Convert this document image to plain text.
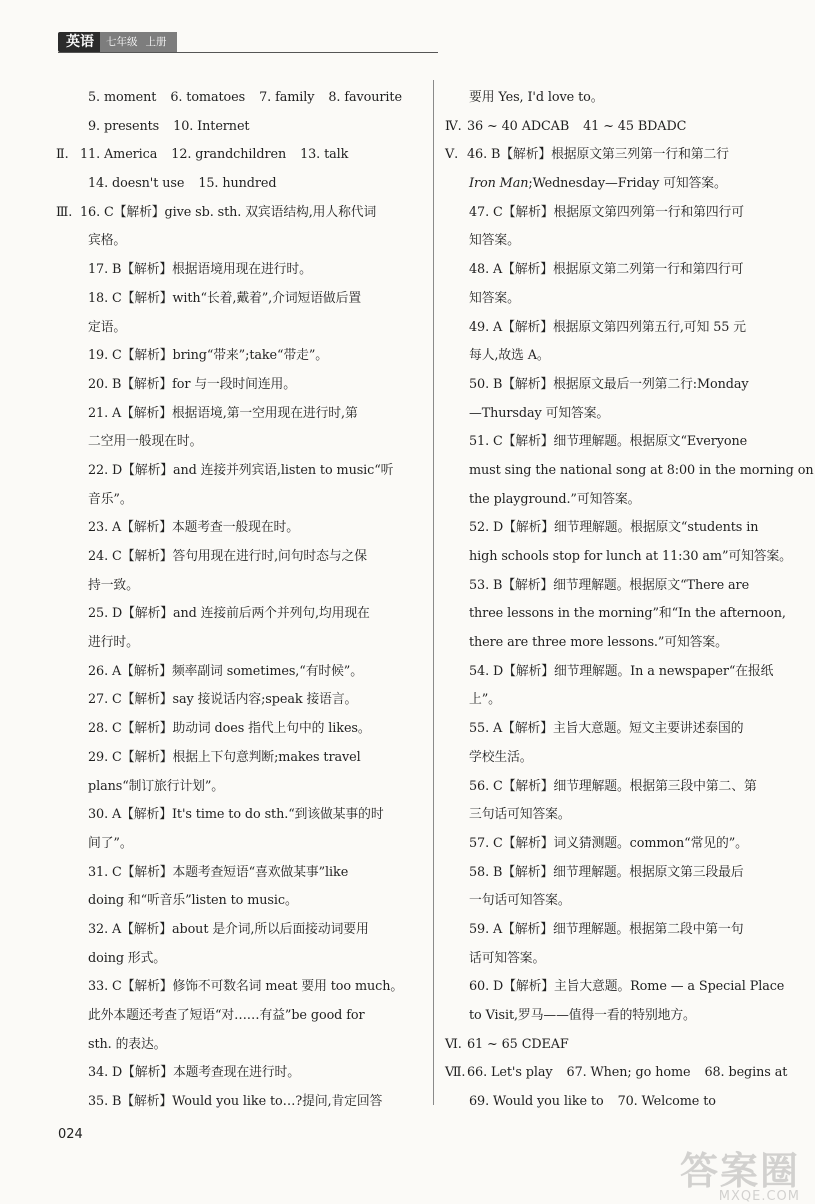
英语	七年级 上册
5. moment 6. tomatoes 7. family 8. favourite
9. presents 10. Internet
Ⅱ. 11. America 12. grandchildren 13. talk
14. doesn't use 15. hundred
Ⅲ. 16. C【解析】give sb. sth. 双宾语结构,用人称代词
宾格。
17. B【解析】根据语境用现在进行时。
18. C【解析】with“长着,戴着”,介词短语做后置
定语。
19. C【解析】bring“带来”;take“带走”。
20. B【解析】for 与一段时间连用。
21. A【解析】根据语境,第一空用现在进行时,第
二空用一般现在时。
22. D【解析】and 连接并列宾语,listen to music“听
音乐”。
23. A【解析】本题考查一般现在时。
24. C【解析】答句用现在进行时,问句时态与之保
持一致。
25. D【解析】and 连接前后两个并列句,均用现在
进行时。
26. A【解析】频率副词 sometimes,“有时候”。
27. C【解析】say 接说话内容;speak 接语言。
28. C【解析】助动词 does 指代上句中的 likes。
29. C【解析】根据上下句意判断;makes travel
plans“制订旅行计划”。
30. A【解析】It's time to do sth.“到该做某事的时
间了”。
31. C【解析】本题考查短语“喜欢做某事”like
doing 和“听音乐”listen to music。
32. A【解析】about 是介词,所以后面接动词要用
doing 形式。
33. C【解析】修饰不可数名词 meat 要用 too much。
此外本题还考查了短语“对……有益”be good for
sth. 的表达。
34. D【解析】本题考查现在进行时。
35. B【解析】Would you like to…?提问,肯定回答
要用 Yes, I'd love to。
Ⅳ. 36 ~ 40 ADCAB 41 ~ 45 BDADC
Ⅴ. 46. B【解析】根据原文第三列第一行和第二行
Iron Man;Wednesday—Friday 可知答案。
47. C【解析】根据原文第四列第一行和第四行可
知答案。
48. A【解析】根据原文第二列第一行和第四行可
知答案。
49. A【解析】根据原文第四列第五行,可知 55 元
每人,故选 A。
50. B【解析】根据原文最后一列第二行:Monday
—Thursday 可知答案。
51. C【解析】细节理解题。根据原文“Everyone
must sing the national song at 8:00 in the morning on
the playground.”可知答案。
52. D【解析】细节理解题。根据原文“students in
high schools stop for lunch at 11:30 am”可知答案。
53. B【解析】细节理解题。根据原文“There are
three lessons in the morning”和“In the afternoon,
there are three more lessons.”可知答案。
54. D【解析】细节理解题。In a newspaper“在报纸
上”。
55. A【解析】主旨大意题。短文主要讲述泰国的
学校生活。
56. C【解析】细节理解题。根据第三段中第二、第
三句话可知答案。
57. C【解析】词义猜测题。common“常见的”。
58. B【解析】细节理解题。根据原文第三段最后
一句话可知答案。
59. A【解析】细节理解题。根据第二段中第一句
话可知答案。
60. D【解析】主旨大意题。Rome — a Special Place
to Visit,罗马——值得一看的特别地方。
Ⅵ. 61 ~ 65 CDEAF
Ⅶ. 66. Let's play 67. When; go home 68. begins at
69. Would you like to 70. Welcome to
024
答案圈
MXQE.COM
